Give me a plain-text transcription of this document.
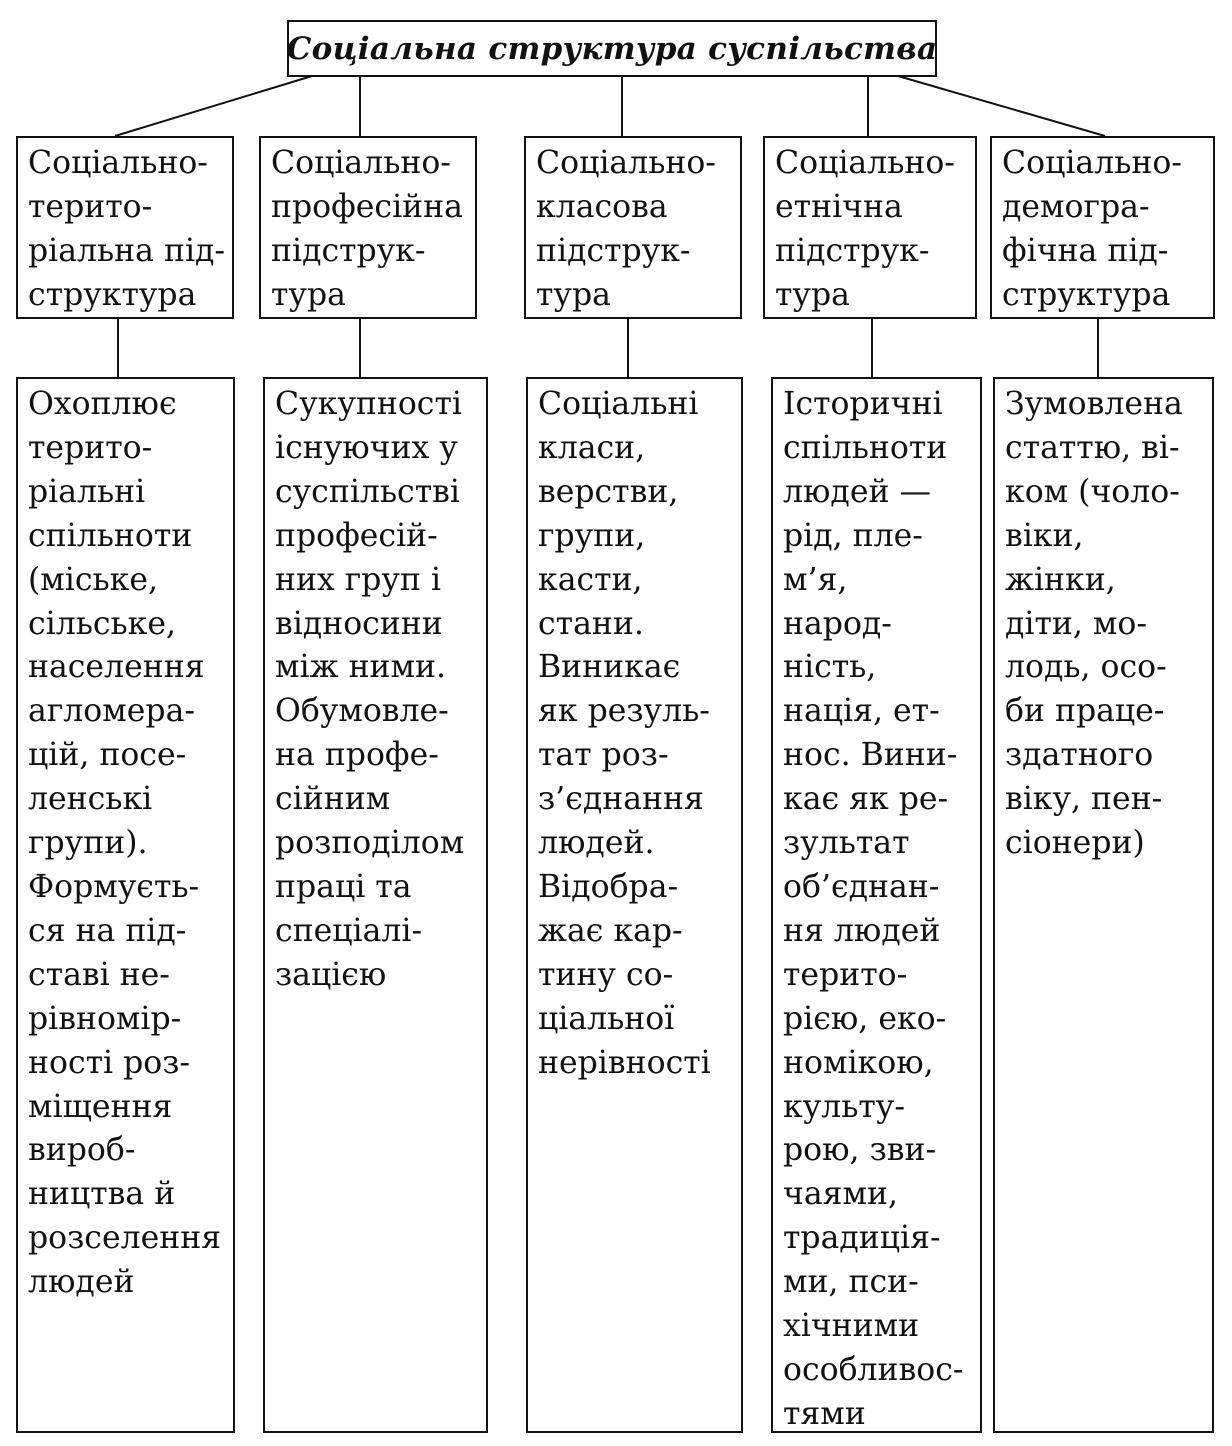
Соціальна структура суспільства
Соціально-
терито-
ріальна під-
структура
Охоплює
терито-
ріальні
спільноти
(міське,
сільське,
населення
агломера-
цій, посе-
ленські
групи).
Формуєть-
ся на під-
ставі не-
рівномір-
ності роз-
міщення
вироб-
ництва й
розселення
людей
Соціально-
професійна
підструк-
тура
Сукупності
існуючих у
суспільстві
професій-
них груп і
відносини
між ними.
Обумовле-
на профе-
сійним
розподілом
праці та
спеціалі-
зацією
Соціально-
класова
підструк-
тура
Соціальні
класи,
верстви,
групи,
касти,
стани.
Виникає
як резуль-
тат роз-
з’єднання
людей.
Відобра-
жає кар-
тину со-
ціальної
нерівності
Соціально-
етнічна
підструк-
тура
Історичні
спільноти
людей —
рід, пле-
м’я,
народ-
ність,
нація, ет-
нос. Вини-
кає як ре-
зультат
об’єднан-
ня людей
терито-
рією, еко-
номікою,
культу-
рою, зви-
чаями,
традиція-
ми, пси-
хічними
особливос-
тями
Соціально-
демогра-
фічна під-
структура
Зумовлена
статтю, ві-
ком (чоло-
віки,
жінки,
діти, мо-
лодь, осо-
би праце-
здатного
віку, пен-
сіонери)
